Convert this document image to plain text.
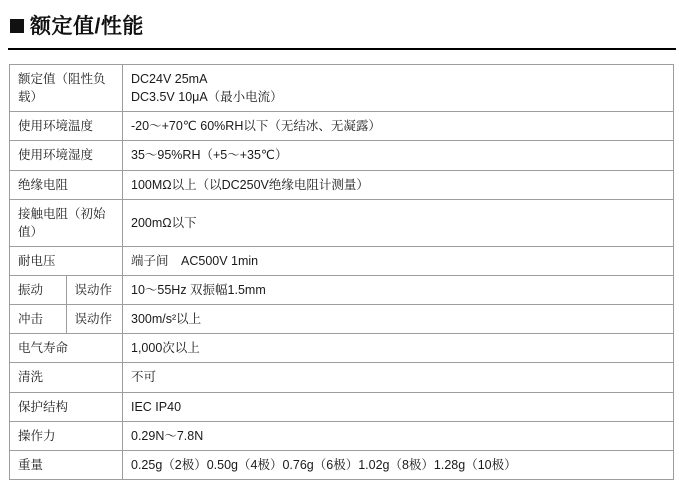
额定值/性能
额定值（阻性负载）		DC24V 25mA
DC3.5V 10μA（最小电流）

使用环境温度		-20～+70℃ 60%RH以下（无结冰、无凝露）

使用环境湿度		35～95%RH（+5～+35℃）

绝缘电阻		100MΩ以上（以DC250V绝缘电阻计测量）

接触电阻（初始值）		200mΩ以下

耐电压		端子间　AC500V 1min

振动	误动作	10～55Hz 双振幅1.5mm

冲击	误动作	300m/s²以上

电气寿命		1,000次以上

清洗		不可

保护结构		IEC IP40

操作力		0.29N～7.8N

重量		0.25g（2极）0.50g（4极）0.76g（6极）1.02g（8极）1.28g（10极）
